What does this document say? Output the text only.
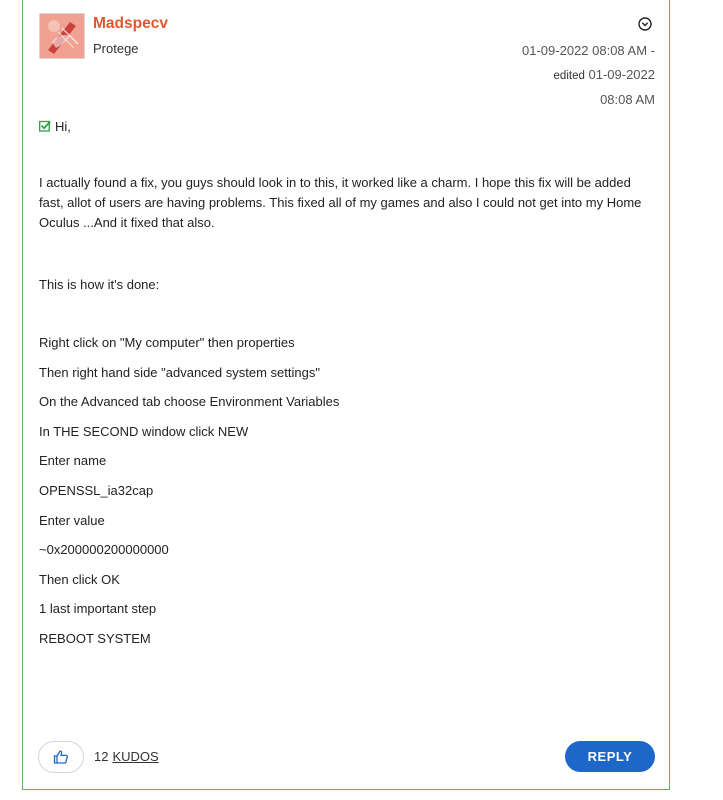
Madspecv
Protege	01-09-2022 08:08 AM -
edited 01-09-2022
08:08 AM
Hi,
I actually found a fix, you guys should look in to this, it worked like a charm. I hope this fix will be added fast, allot of users are having problems. This fixed all of my games and also I could not get into my Home Oculus ...And it fixed that also.
This is how it's done:
Right click on "My computer" then properties
Then right hand side "advanced system settings"
On the Advanced tab choose Environment Variables
In THE SECOND window click NEW
Enter name
OPENSSL_ia32cap
Enter value
~0x200000200000000
Then click OK
1 last important step
REBOOT SYSTEM
12 KUDOS	REPLY
